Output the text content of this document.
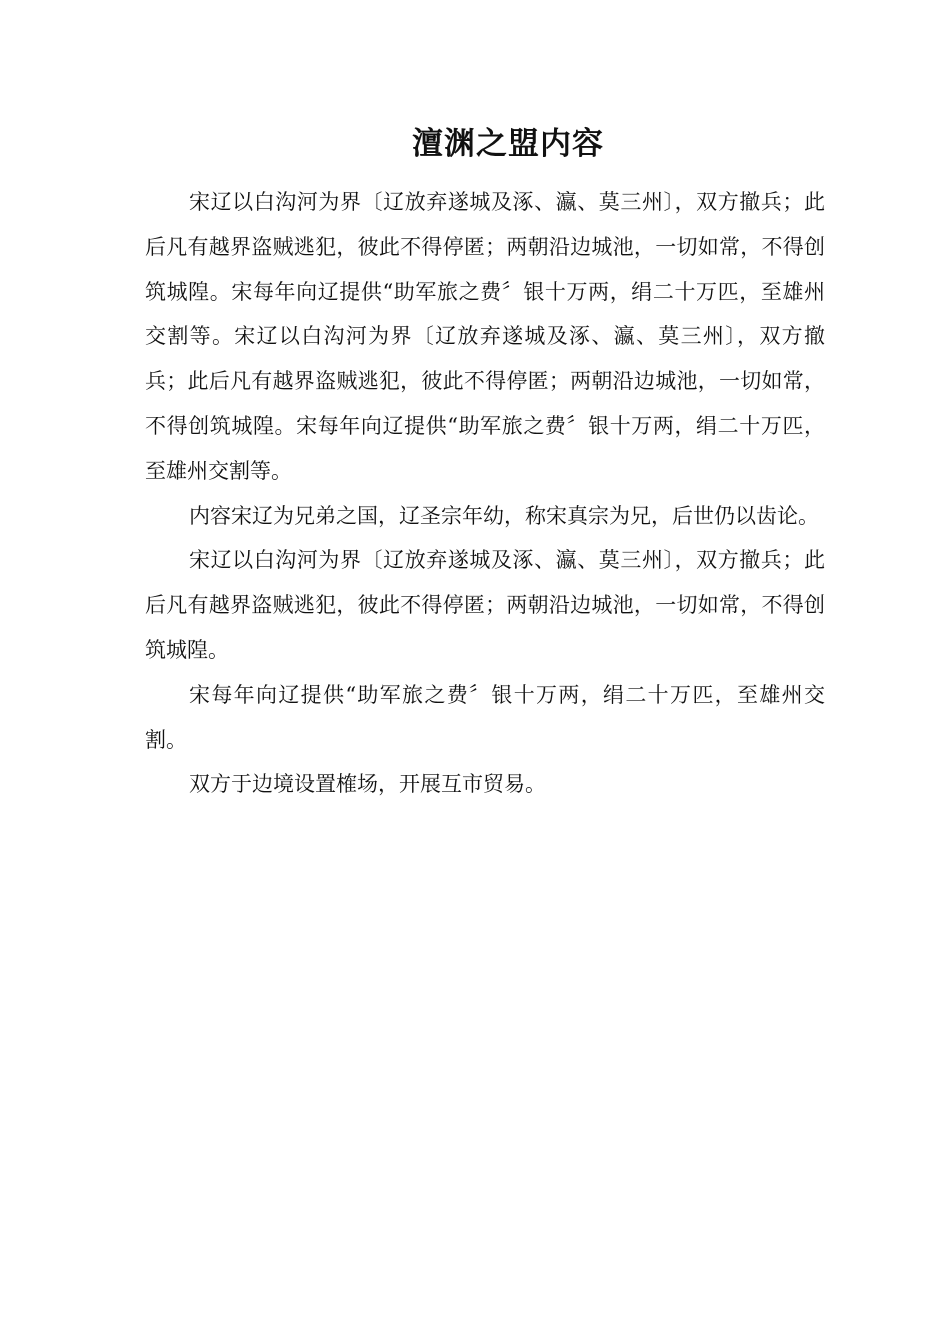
澶渊之盟内容

宋辽以白沟河为界〔辽放弃遂城及涿、瀛、莫三州〕，双方撤兵；此后凡有越界盗贼逃犯，彼此不得停匿；两朝沿边城池，一切如常，不得创筑城隍。宋每年向辽提供“助军旅之费〞银十万两，绢二十万匹，至雄州交割等。宋辽以白沟河为界〔辽放弃遂城及涿、瀛、莫三州〕，双方撤兵；此后凡有越界盗贼逃犯，彼此不得停匿；两朝沿边城池，一切如常，不得创筑城隍。宋每年向辽提供“助军旅之费〞银十万两，绢二十万匹，至雄州交割等。

内容宋辽为兄弟之国，辽圣宗年幼，称宋真宗为兄，后世仍以齿论。

宋辽以白沟河为界〔辽放弃遂城及涿、瀛、莫三州〕，双方撤兵；此后凡有越界盗贼逃犯，彼此不得停匿；两朝沿边城池，一切如常，不得创筑城隍。

宋每年向辽提供“助军旅之费〞银十万两，绢二十万匹，至雄州交割。

双方于边境设置榷场，开展互市贸易。
